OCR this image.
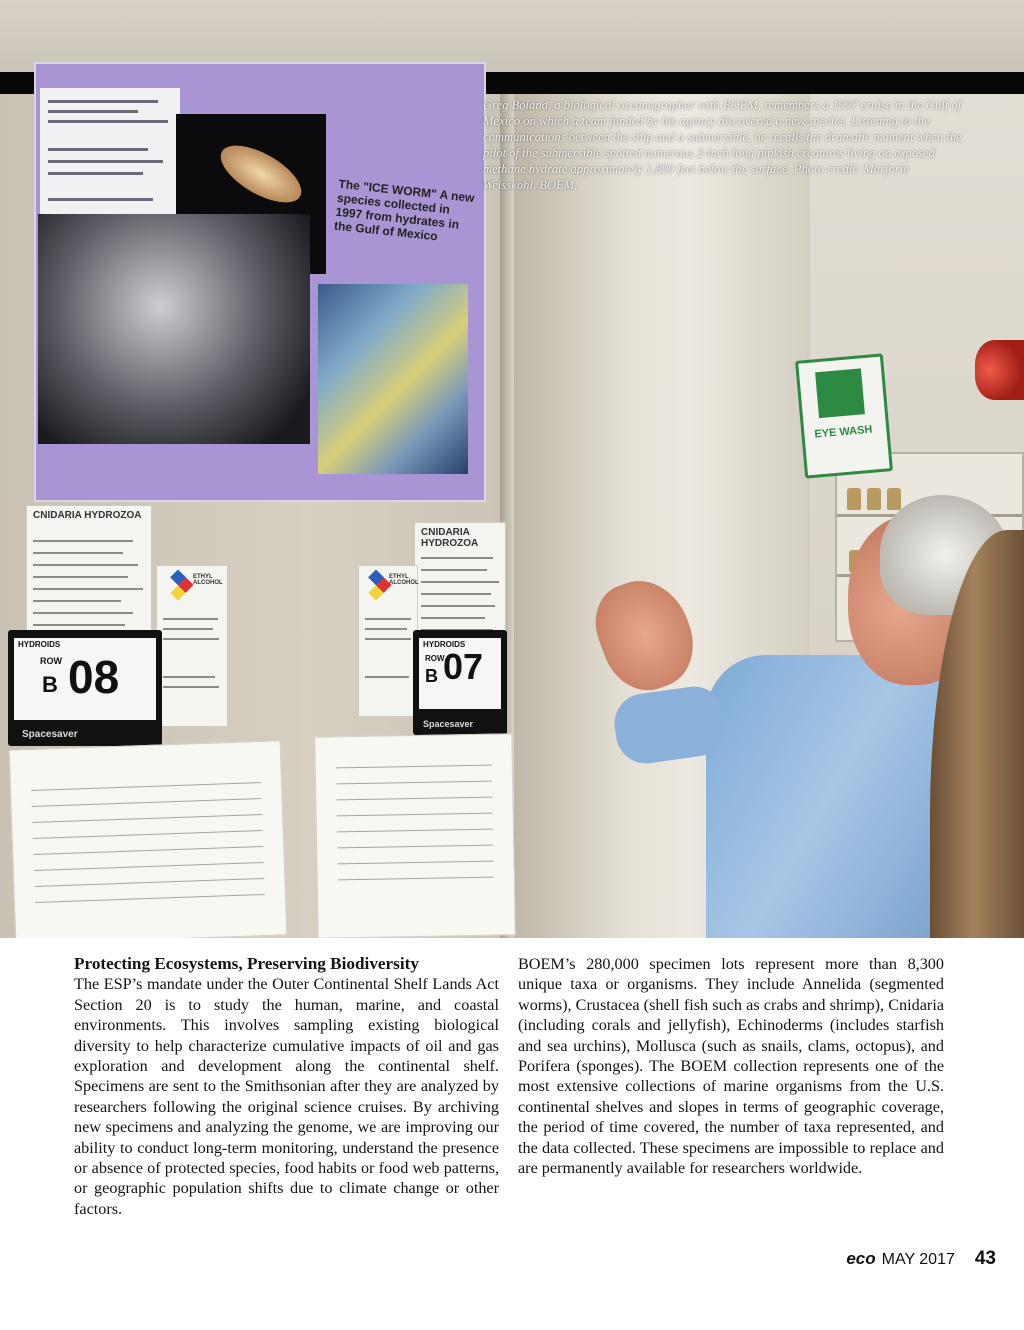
The "ICE WORM" A new species collected in 1997 from hydrates in the Gulf of Mexico
CNIDARIA HYDROZOA
ETHYL ALCOHOL
HYDROIDS
ROW
B 08
Spacesaver
CNIDARIA HYDROZOA
ETHYL ALCOHOL
HYDROIDS
ROW
B 07
Spacesaver
EYE WASH
Greg Boland, a biological oceanographer with BOEM, remembers a 1997 cruise in the Gulf of Mexico on which a team funded by his agency discovered a new species. Listening to the communications between the ship and a submersible, he recalls the dramatic moment when the pilot of the submersible spotted numerous 2-inch long pinkish creatures living on exposed methane hydrate approximately 1,800 feet below the surface. Photo credit: Marjorie Weisskohl, BOEM.
Protecting Ecosystems, Preserving Biodiversity
The ESP’s mandate under the Outer Continental Shelf Lands Act Section 20 is to study the human, marine, and coastal environments. This involves sampling existing biological diversity to help characterize cumulative impacts of oil and gas exploration and development along the continental shelf. Specimens are sent to the Smithsonian after they are analyzed by researchers following the original science cruises. By archiving new specimens and analyzing the genome, we are improving our ability to conduct long-term monitoring, understand the presence or absence of protected species, food habits or food web patterns, or geographic population shifts due to climate change or other factors.
BOEM’s 280,000 specimen lots represent more than 8,300 unique taxa or organisms. They include Annelida (segmented worms), Crustacea (shell fish such as crabs and shrimp), Cnidaria (including corals and jellyfish), Echinoderms (includes starfish and sea urchins), Mollusca (such as snails, clams, octopus), and Porifera (sponges). The BOEM collection represents one of the most extensive collections of marine organisms from the U.S. continental shelves and slopes in terms of geographic coverage, the period of time covered, the number of taxa represented, and the data collected. These specimens are impossible to replace and are permanently available for researchers worldwide.
eco MAY 2017 43
